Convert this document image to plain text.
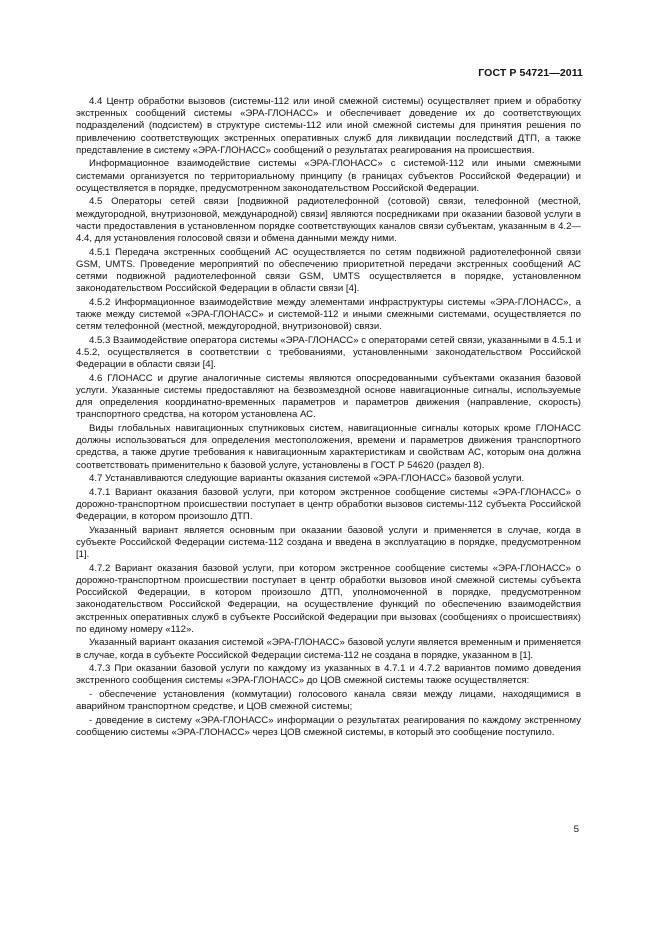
ГОСТ Р 54721—2011

4.4 Центр обработки вызовов (системы-112 или иной смежной системы) осуществляет прием и обработку экстренных сообщений системы «ЭРА-ГЛОНАСС» и обеспечивает доведение их до соответствующих подразделений (подсистем) в структуре системы-112 или иной смежной системы для принятия решения по привлечению соответствующих экстренных оперативных служб для ликвидации последствий ДТП, а также представление в систему «ЭРА-ГЛОНАСС» сообщений о результатах реагирования на происшествия.

Информационное взаимодействие системы «ЭРА-ГЛОНАСС» с системой-112 или иными смежными системами организуется по территориальному принципу (в границах субъектов Российской Федерации) и осуществляется в порядке, предусмотренном законодательством Российской Федерации.

4.5 Операторы сетей связи [подвижной радиотелефонной (сотовой) связи, телефонной (местной, междугородной, внутризоновой, международной) связи] являются посредниками при оказании базовой услуги в части предоставления в установленном порядке соответствующих каналов связи субъектам, указанным в 4.2—4.4, для установления голосовой связи и обмена данными между ними.

4.5.1 Передача экстренных сообщений АС осуществляется по сетям подвижной радиотелефонной связи GSM, UMTS. Проведение мероприятий по обеспечению приоритетной передачи экстренных сообщений АС сетями подвижной радиотелефонной связи GSM, UMTS осуществляется в порядке, установленном законодательством Российской Федерации в области связи [4].

4.5.2 Информационное взаимодействие между элементами инфраструктуры системы «ЭРА-ГЛОНАСС», а также между системой «ЭРА-ГЛОНАСС» и системой-112 и иными смежными системами, осуществляется по сетям телефонной (местной, междугородной, внутризоновой) связи.

4.5.3 Взаимодействие оператора системы «ЭРА-ГЛОНАСС» с операторами сетей связи, указанными в 4.5.1 и 4.5.2, осуществляется в соответствии с требованиями, установленными законодательством Российской Федерации в области связи [4].

4.6 ГЛОНАСС и другие аналогичные системы являются опосредованными субъектами оказания базовой услуги. Указанные системы предоставляют на безвозмездной основе навигационные сигналы, используемые для определения координатно-временных параметров и параметров движения (направление, скорость) транспортного средства, на котором установлена АС.

Виды глобальных навигационных спутниковых систем, навигационные сигналы которых кроме ГЛОНАСС должны использоваться для определения местоположения, времени и параметров движения транспортного средства, а также другие требования к навигационным характеристикам и свойствам АС, которым она должна соответствовать применительно к базовой услуге, установлены в ГОСТ Р 54620 (раздел 8).

4.7 Устанавливаются следующие варианты оказания системой «ЭРА-ГЛОНАСС» базовой услуги.

4.7.1 Вариант оказания базовой услуги, при котором экстренное сообщение системы «ЭРА-ГЛОНАСС» о дорожно-транспортном происшествии поступает в центр обработки вызовов системы-112 субъекта Российской Федерации, в котором произошло ДТП.

Указанный вариант является основным при оказании базовой услуги и применяется в случае, когда в субъекте Российской Федерации система-112 создана и введена в эксплуатацию в порядке, предусмотренном [1].

4.7.2 Вариант оказания базовой услуги, при котором экстренное сообщение системы «ЭРА-ГЛОНАСС» о дорожно-транспортном происшествии поступает в центр обработки вызовов иной смежной системы субъекта Российской Федерации, в котором произошло ДТП, уполномоченной в порядке, предусмотренном законодательством Российской Федерации, на осуществление функций по обеспечению взаимодействия экстренных оперативных служб в субъекте Российской Федерации при вызовах (сообщениях о происшествиях) по единому номеру «112».

Указанный вариант оказания системой «ЭРА-ГЛОНАСС» базовой услуги является временным и применяется в случае, когда в субъекте Российской Федерации система-112 не создана в порядке, указанном в [1].

4.7.3 При оказании базовой услуги по каждому из указанных в 4.7.1 и 4.7.2 вариантов помимо доведения экстренного сообщения системы «ЭРА-ГЛОНАСС» до ЦОВ смежной системы также осуществляется:

- обеспечение установления (коммутации) голосового канала связи между лицами, находящимися в аварийном транспортном средстве, и ЦОВ смежной системы;

- доведение в систему «ЭРА-ГЛОНАСС» информации о результатах реагирования по каждому экстренному сообщению системы «ЭРА-ГЛОНАСС» через ЦОВ смежной системы, в который это сообщение поступило.

5
